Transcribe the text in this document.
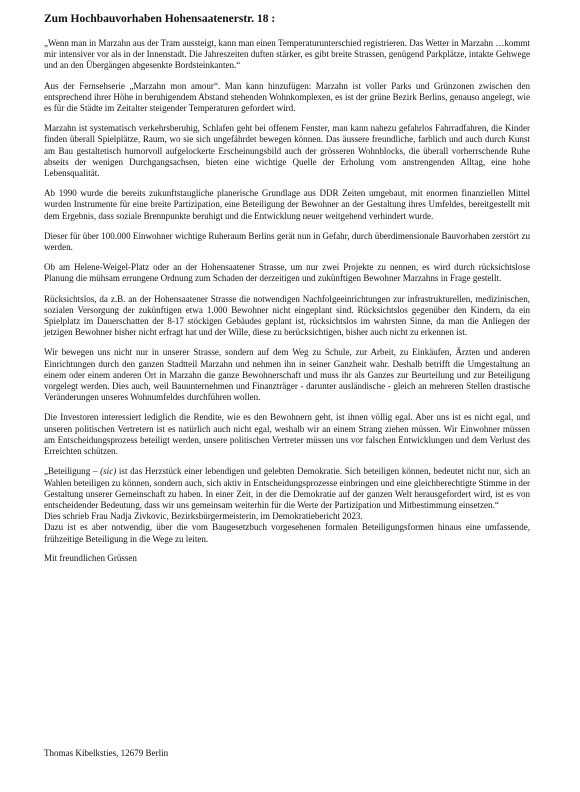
Zum Hochbauvorhaben Hohensaatenerstr. 18 :

„Wenn man in Marzahn aus der Tram aussteigt, kann man einen Temperaturunterschied registrieren. Das Wetter in Marzahn …kommt mir intensiver vor als in der Innenstadt. Die Jahreszeiten duften stärker, es gibt breite Strassen, genügend Parkplätze, intakte Gehwege und an den Übergängen abgesenkte Bordsteinkanten.“

Aus der Fernsehserie „Marzahn mon amour“. Man kann hinzufügen: Marzahn ist voller Parks und Grünzonen zwischen den entsprechend ihrer Höhe in beruhigendem Abstand stehenden Wohnkomplexen, es ist der grüne Bezirk Berlins, genauso angelegt, wie es für die Städte im Zeitalter steigender Temperaturen gefordert wird.

Marzahn ist systematisch verkehrsberuhig, Schlafen geht bei offenem Fenster, man kann nahezu gefahrlos Fahrradfahren, die Kinder finden überall Spielplätze, Raum, wo sie sich ungefährdet bewegen können. Das äussere freundliche, farblich und auch durch Kunst am Bau gestaltetisch humorvoll aufgelockerte Erscheinungsbild auch der grösseren Wohnblocks, die überall vorherrschende Ruhe abseits der wenigen Durchgangsachsen, bieten eine wichtige Quelle der Erholung vom anstrengenden Alltag, eine hohe Lebensqualität.

Ab 1990 wurde die bereits zukunftstaugliche planerische Grundlage aus DDR Zeiten umgebaut, mit enormen finanziellen Mittel wurden Instrumente für eine breite Partizipation, eine Beteiligung der Bewohner an der Gestaltung ihres Umfeldes, bereitgestellt mit dem Ergebnis, dass soziale Brennpunkte beruhigt und die Entwicklung neuer weitgehend verhindert wurde.

Dieser für über 100.000 Einwohner wichtige Ruheraum Berlins gerät nun in Gefahr, durch überdimensionale Bauvorhaben zerstört zu werden.

Ob am Helene-Weigel-Platz oder an der Hohensaatener Strasse, um nur zwei Projekte zu nennen, es wird durch rücksichtslose Planung die mühsam errungene Ordnung zum Schaden der derzeitigen und zukünftigen Bewohner Marzahns in Frage gestellt.

Rücksichtslos, da z.B. an der Hohensaatener Strasse die notwendigen Nachfolgeeinrichtungen zur infrastrukturellen, medizinischen, sozialen Versorgung der zukünftigen etwa 1.000 Bewohner nicht eingeplant sind. Rücksichtslos gegenüber den Kindern, da ein Spielplatz im Dauerschatten der 8-17 stöckigen Gebäudes geplant ist, rücksichtslos im wahrsten Sinne, da man die Anliegen der jetzigen Bewohner bisher nicht erfragt hat und der Wille, diese zu berücksichtigen, bisher auch nicht zu erkennen ist.

Wir bewegen uns nicht nur in unserer Strasse, sondern auf dem Weg zu Schule, zur Arbeit, zu Einkäufen, Ärzten und anderen Einrichtungen durch den ganzen Stadtteil Marzahn und nehmen ihn in seiner Ganzheit wahr. Deshalb betrifft die Umgestaltung an einem oder einem anderen Ort in Marzahn die ganze Bewohnerschaft und muss ihr als Ganzes zur Beurteilung und zur Beteiligung vorgelegt werden. Dies auch, weil Bauunternehmen und Finanzträger - darunter ausländische - gleich an mehreren Stellen drastische Veränderungen unseres Wohnumfeldes durchführen wollen.

Die Investoren interessiert lediglich die Rendite, wie es den Bewohnern geht, ist ihnen völlig egal. Aber uns ist es nicht egal, und unseren politischen Vertretern ist es natürlich auch nicht egal, weshalb wir an einem Strang ziehen müssen. Wir Einwohner müssen am Entscheidungsprozess beteiligt werden, unsere politischen Vertreter müssen uns vor falschen Entwicklungen und dem Verlust des Erreichten schützen.

„Beteiligung – (sic) ist das Herzstück einer lebendigen und gelebten Demokratie. Sich beteiligen können, bedeutet nicht nur, sich an Wahlen beteiligen zu können, sondern auch, sich aktiv in Entscheidungsprozesse einbringen und eine gleichberechtigte Stimme in der Gestaltung unserer Gemeinschaft zu haben. In einer Zeit, in der die Demokratie auf der ganzen Welt herausgefordert wird, ist es von entscheidender Bedeutung, dass wir uns gemeinsam weiterhin für die Werte der Partizipation und Mitbestimmung einsetzen.“
Dies schrieb Frau Nadja Zivkovic, Bezirksbürgermeisterin, im Demokratiebericht 2023.
Dazu ist es aber notwendig, über die vom Baugesetzbuch vorgesehenen formalen Beteiligungsformen hinaus eine umfassende, frühzeitige Beteiligung in die Wege zu leiten.
Mit freundlichen Grüssen
Thomas Kibelksties, 12679 Berlin
